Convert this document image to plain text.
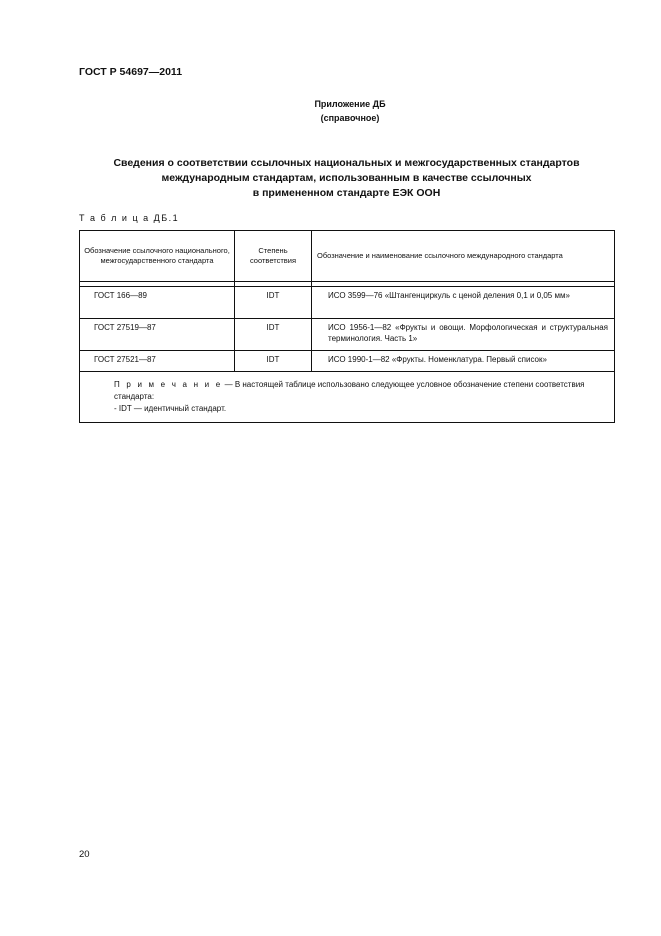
ГОСТ Р 54697—2011
Приложение ДБ
(справочное)
Сведения о соответствии ссылочных национальных и межгосударственных стандартов
международным стандартам, использованным в качестве ссылочных
в примененном стандарте ЕЭК ООН
Т а б л и ц а ДБ.1
Обозначение ссылочного национального, межгосударственного стандарта	Степень соответствия	Обозначение и наименование ссылочного международного стандарта

ГОСТ 166—89	IDT	ИСО 3599—76 «Штангенциркуль с ценой деления 0,1 и 0,05 мм»

ГОСТ 27519—87	IDT	ИСО 1956-1—82 «Фрукты и овощи. Морфологическая и структуральная терминология. Часть 1»

ГОСТ 27521—87	IDT	ИСО 1990-1—82 «Фрукты. Номенклатура. Первый список»

П р и м е ч а н и е — В настоящей таблице использовано следующее условное обозначение степени соответствия стандарта:
- IDT — идентичный стандарт.		
20
